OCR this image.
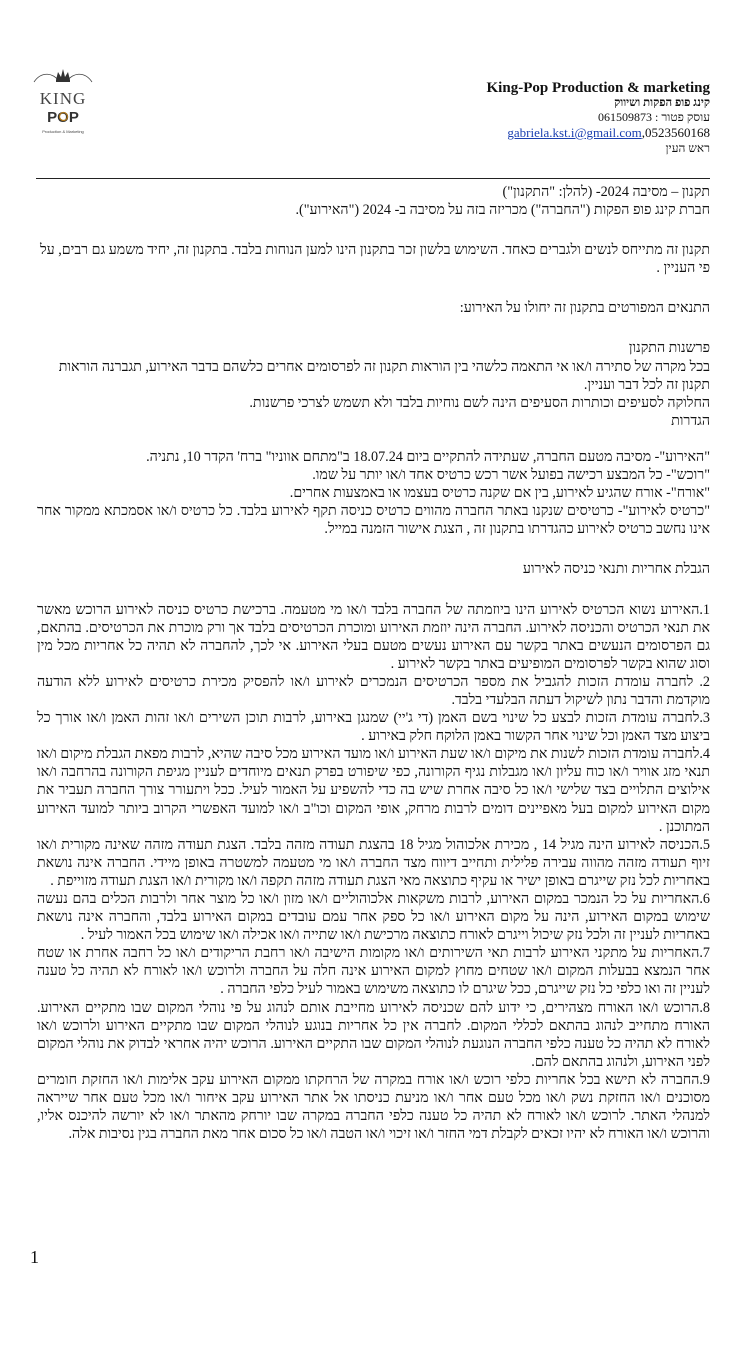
KING
POP
Production & Marketing
King-Pop Production & marketing
קינג פופ הפקות ושיווק
עוסק פטור : 061509873
gabriela.kst.i@gmail.com,0523560168
ראש העין

תקנון – מסיבה 2024- (להלן: "התקנון")

חברת קינג פופ הפקות ("החברה") מכריזה בזה על מסיבה ב- 2024 ("האירוע").

תקנון זה מתייחס לנשים ולגברים כאחד. השימוש בלשון זכר בתקנון הינו למען הנוחות בלבד. בתקנון זה, יחיד משמע גם רבים, על פי העניין .

התנאים המפורטים בתקנון זה יחולו על האירוע:

פרשנות התקנון

בכל מקרה של סתירה ו/או אי התאמה כלשהי בין הוראות תקנון זה לפרסומים אחרים כלשהם בדבר האירוע, תגברנה הוראות תקנון זה לכל דבר ועניין.

החלוקה לסעיפים וכותרות הסעיפים הינה לשם נוחיות בלבד ולא תשמש לצרכי פרשנות.

הגדרות

"האירוע"- מסיבה מטעם החברה, שעתידה להתקיים ביום 18.07.24 ב"מתחם אווניו" ברח' הקדר 10, נתניה.

"רוכש"- כל המבצע רכישה בפועל אשר רכש כרטיס אחד ו/או יותר על שמו.

"אורח"- אורח שהגיע לאירוע, בין אם שקנה כרטיס בעצמו או באמצעות אחרים.

"כרטיס לאירוע"- כרטיסים שנקנו באתר החברה מהווים כרטיס כניסה תקף לאירוע בלבד. כל כרטיס ו/או אסמכתא ממקור אחר אינו נחשב כרטיס לאירוע כהגדרתו בתקנון זה , הצגת אישור הזמנה במייל.

הגבלת אחריות ותנאי כניסה לאירוע

1.האירוע נשוא הכרטיס לאירוע הינו ביוזמתה של החברה בלבד ו/או מי מטעמה. ברכישת כרטיס כניסה לאירוע הרוכש מאשר את תנאי הכרטיס והכניסה לאירוע. החברה הינה יוזמת האירוע ומוכרת הכרטיסים בלבד אך ורק מוכרת את הכרטיסים. בהתאם, גם הפרסומים הנעשים באתר בקשר עם האירוע נעשים מטעם בעלי האירוע. אי לכך, להחברה לא תהיה כל אחריות מכל מין וסוג שהוא בקשר לפרסומים המופיעים באתר בקשר לאירוע .

2. לחברה עומדת הזכות להגביל את מספר הכרטיסים הנמכרים לאירוע ו/או להפסיק מכירת כרטיסים לאירוע ללא הודעה מוקדמת והדבר נתון לשיקול דעתה הבלעדי בלבד.

3.לחברה עומדת הזכות לבצע כל שינוי בשם האמן (די ג'יי) שמנגן באירוע, לרבות תוכן השירים ו/או זהות האמן ו/או אורך כל ביצוע מצד האמן וכל שינוי אחר הקשור באמן הלוקח חלק באירוע .

4.לחברה עומדת הזכות לשנות את מיקום ו/או שעת האירוע ו/או מועד האירוע מכל סיבה שהיא, לרבות מפאת הגבלת מיקום ו/או תנאי מזג אוויר ו/או כוח עליון ו/או מגבלות נגיף הקורונה, כפי שיפורט בפרק תנאים מיוחדים לעניין מגיפת הקורונה בהרחבה ו/או אילוצים התלויים בצד שלישי ו/או כל סיבה אחרת שיש בה כדי להשפיע על האמור לעיל. ככל ויתעורר צורך החברה תעביר את מקום האירוע למקום בעל מאפיינים דומים לרבות מרחק, אופי המקום וכו"ב ו/או למועד האפשרי הקרוב ביותר למועד האירוע המתוכנן .

5.הכניסה לאירוע הינה מגיל 14 , מכירת אלכוהול מגיל 18 בהצגת תעודה מזהה בלבד. הצגת תעודה מזהה שאינה מקורית ו/או זיוף תעודה מזהה מהווה עבירה פלילית ותחייב דיווח מצד החברה ו/או מי מטעמה למשטרה באופן מיידי. החברה אינה נושאת באחריות לכל נזק שייגרם באופן ישיר או עקיף כתוצאה מאי הצגת תעודה מזהה תקפה ו/או מקורית ו/או הצגת תעודה מזוייפת .

6.האחריות על כל הנמכר במקום האירוע, לרבות משקאות אלכוהוליים ו/או מזון ו/או כל מוצר אחר ולרבות הכלים בהם נעשה שימוש במקום האירוע, הינה על מקום האירוע ו/או כל ספק אחר עמם עובדים במקום האירוע בלבד, והחברה אינה נושאת באחריות לעניין זה ולכל נזק שיכול וייגרם לאורח כתוצאה מרכישת ו/או שתייה ו/או אכילה ו/או שימוש בכל האמור לעיל .

7.האחריות על מתקני האירוע לרבות תאי השירותים ו/או מקומות הישיבה ו/או רחבת הריקודים ו/או כל רחבה אחרת או שטח אחר הנמצא בבעלות המקום ו/או שטחים מחוץ למקום האירוע אינה חלה על החברה ולרוכש ו/או לאורח לא תהיה כל טענה לעניין זה ואו כלפי כל נזק שייגרם, ככל שיגרם לו כתוצאה משימוש באמור לעיל כלפי החברה .

8.הרוכש ו/או האורח מצהירים, כי ידוע להם שכניסה לאירוע מחייבת אותם לנהוג על פי נוהלי המקום שבו מתקיים האירוע. האורח מתחייב לנהוג בהתאם לכללי המקום. לחברה אין כל אחריות בנוגע לנוהלי המקום שבו מתקיים האירוע ולרוכש ו/או לאורח לא תהיה כל טענה כלפי החברה הנוגעת לנוהלי המקום שבו התקיים האירוע. הרוכש יהיה אחראי לבדוק את נוהלי המקום לפני האירוע, ולנהוג בהתאם להם.

9.החברה לא תישא בכל אחריות כלפי רוכש ו/או אורח במקרה של הרחקתו ממקום האירוע עקב אלימות ו/או החזקת חומרים מסוכנים ו/או החזקת נשק ו/או מכל טעם אחר ו/או מניעת כניסתו אל אתר האירוע עקב איחור ו/או מכל טעם אחר שייראה למנהלי האתר. לרוכש ו/או לאורח לא תהיה כל טענה כלפי החברה במקרה שבו יורחק מהאתר ו/או לא יורשה להיכנס אליו, והרוכש ו/או האורח לא יהיו זכאים לקבלת דמי החזר ו/או זיכוי ו/או הטבה ו/או כל סכום אחר מאת החברה בגין נסיבות אלה.

1
